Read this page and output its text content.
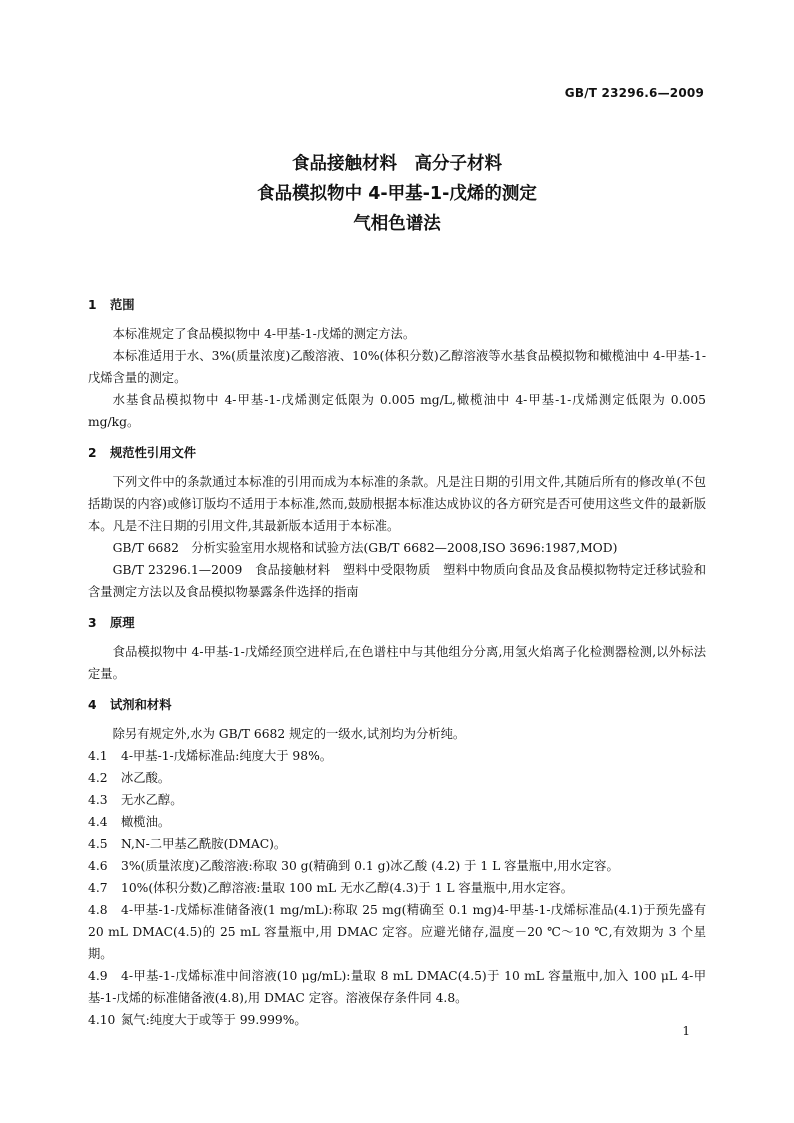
GB/T 23296.6—2009
食品接触材料　高分子材料
食品模拟物中 4-甲基-1-戊烯的测定
气相色谱法
1 范围
本标准规定了食品模拟物中 4-甲基-1-戊烯的测定方法。
本标准适用于水、3%(质量浓度)乙酸溶液、10%(体积分数)乙醇溶液等水基食品模拟物和橄榄油中 4-甲基-1-戊烯含量的测定。
水基食品模拟物中 4-甲基-1-戊烯测定低限为 0.005 mg/L,橄榄油中 4-甲基-1-戊烯测定低限为 0.005 mg/kg。
2 规范性引用文件
下列文件中的条款通过本标准的引用而成为本标准的条款。凡是注日期的引用文件,其随后所有的修改单(不包括勘误的内容)或修订版均不适用于本标准,然而,鼓励根据本标准达成协议的各方研究是否可使用这些文件的最新版本。凡是不注日期的引用文件,其最新版本适用于本标准。
GB/T 6682　分析实验室用水规格和试验方法(GB/T 6682—2008,ISO 3696:1987,MOD)
GB/T 23296.1—2009　食品接触材料　塑料中受限物质　塑料中物质向食品及食品模拟物特定迁移试验和含量测定方法以及食品模拟物暴露条件选择的指南
3 原理
食品模拟物中 4-甲基-1-戊烯经顶空进样后,在色谱柱中与其他组分分离,用氢火焰离子化检测器检测,以外标法定量。
4 试剂和材料
除另有规定外,水为 GB/T 6682 规定的一级水,试剂均为分析纯。
4.1 4-甲基-1-戊烯标准品:纯度大于 98%。
4.2 冰乙酸。
4.3 无水乙醇。
4.4 橄榄油。
4.5 N,N-二甲基乙酰胺(DMAC)。
4.6 3%(质量浓度)乙酸溶液:称取 30 g(精确到 0.1 g)冰乙酸 (4.2) 于 1 L 容量瓶中,用水定容。
4.7 10%(体积分数)乙醇溶液:量取 100 mL 无水乙醇(4.3)于 1 L 容量瓶中,用水定容。
4.8 4-甲基-1-戊烯标准储备液(1 mg/mL):称取 25 mg(精确至 0.1 mg)4-甲基-1-戊烯标准品(4.1)于预先盛有 20 mL DMAC(4.5)的 25 mL 容量瓶中,用 DMAC 定容。应避光储存,温度－20 ℃～10 ℃,有效期为 3 个星期。
4.9 4-甲基-1-戊烯标准中间溶液(10 μg/mL):量取 8 mL DMAC(4.5)于 10 mL 容量瓶中,加入 100 μL 4-甲基-1-戊烯的标准储备液(4.8),用 DMAC 定容。溶液保存条件同 4.8。
4.10 氮气:纯度大于或等于 99.999%。
1
